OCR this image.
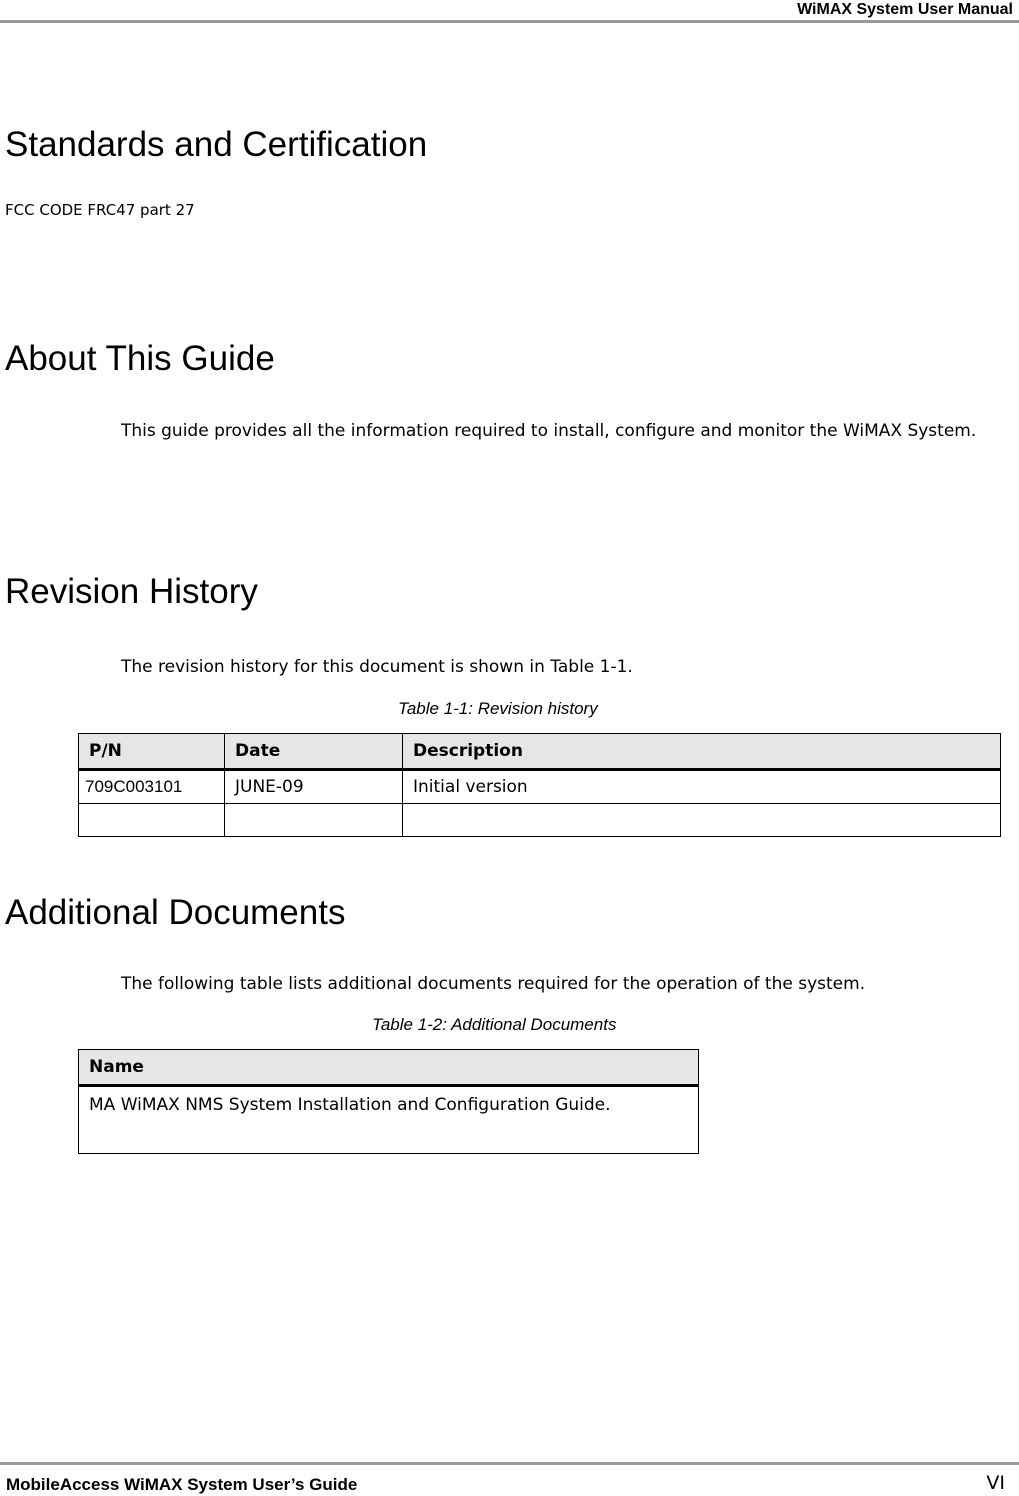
WiMAX System User Manual
Standards and Certification
FCC CODE FRC47 part 27
About This Guide
This guide provides all the information required to install, configure and monitor the WiMAX System.
Revision History
The revision history for this document is shown in Table 1-1.
Table 1-1: Revision history
P/N	Date	Description
709C003101	JUNE-09	Initial version

Additional Documents
The following table lists additional documents required for the operation of the system.
Table 1-2: Additional Documents
Name
MA WiMAX NMS System Installation and Configuration Guide.
MobileAccess WiMAX System User’s Guide	VI
